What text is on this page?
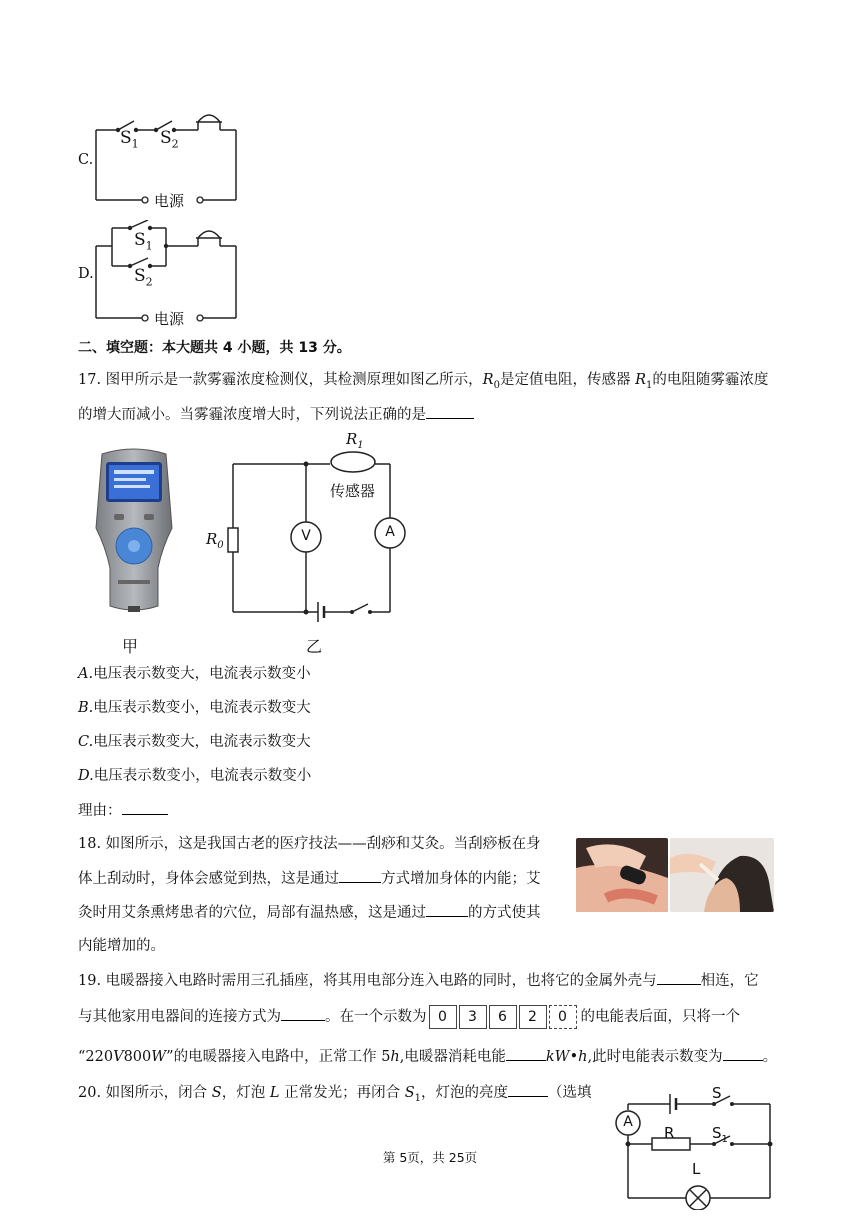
C.
$S_1$ $S_2$
电源
D.
$S_1$
$S_2$
电源
二、填空题：本大题共 4 小题，共 13 分。
17. 图甲所示是一款雾霾浓度检测仪，其检测原理如图乙所示，$R_0$是定值电阻，传感器 $R_1$的电阻随雾霾浓度
的增大而减小。当雾霾浓度增大时，下列说法正确的是
甲
$R_1$
传感器
$R_0$
V	A
乙
A.电压表示数变大，电流表示数变小
B.电压表示数变小，电流表示数变大
C.电压表示数变大，电流表示数变大
D.电压表示数变小，电流表示数变小
理由：
18. 如图所示，这是我国古老的医疗技法——刮痧和艾灸。当刮痧板在身
体上刮动时，身体会感觉到热，这是通过	方式增加身体的内能；艾
灸时用艾条熏烤患者的穴位，局部有温热感，这是通过	的方式使其
内能增加的。
19. 电暖器接入电路时需用三孔插座，将其用电部分连入电路的同时，也将它的金属外壳与	相连，它
与其他家用电器间的连接方式为	。在一个示数为 0	3	6	2	0 的电能表后面，只将一个
“220V800W”的电暖器接入电路中，正常工作 5h,电暖器消耗电能	kW•h,此时电能表示数变为	。
20. 如图所示，闭合 S，灯泡 L 正常发光；再闭合 $S_1$，灯泡的亮度	（选填
A
S
R	$S_1$
L
第 5页，共 25页
